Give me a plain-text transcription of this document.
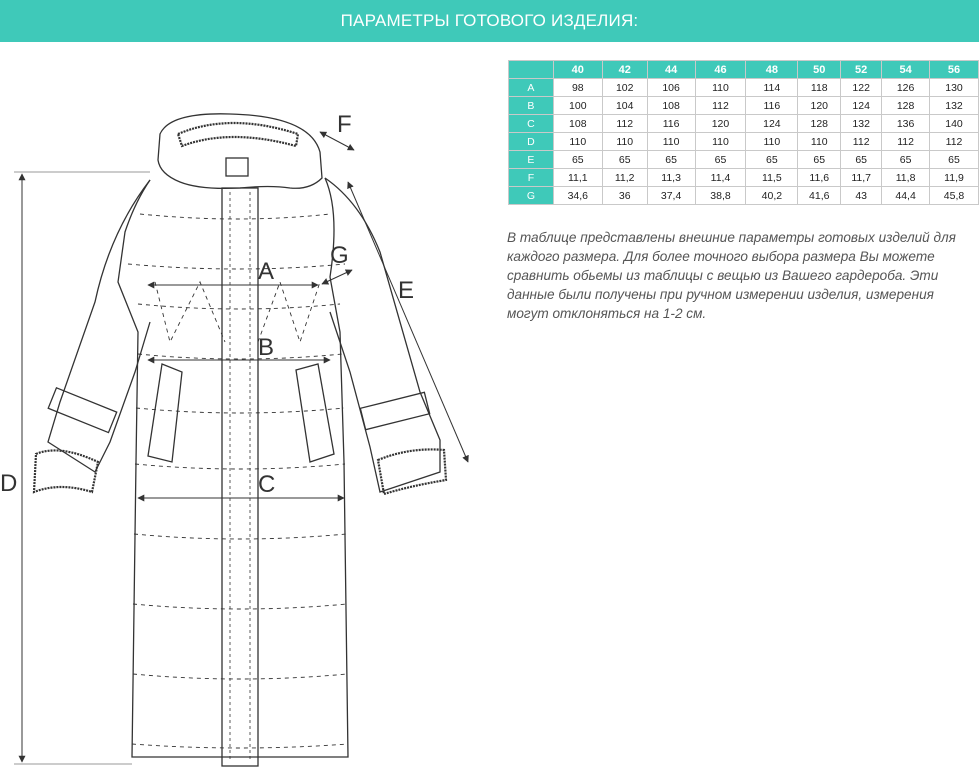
ПАРАМЕТРЫ ГОТОВОГО ИЗДЕЛИЯ:
A
B
C
D
E
F
G
	40	42	44	46	48	50	52	54	56
A	98	102	106	110	114	118	122	126	130
B	100	104	108	112	116	120	124	128	132
C	108	112	116	120	124	128	132	136	140
D	110	110	110	110	110	110	112	112	112
E	65	65	65	65	65	65	65	65	65
F	11,1	11,2	11,3	11,4	11,5	11,6	11,7	11,8	11,9
G	34,6	36	37,4	38,8	40,2	41,6	43	44,4	45,8
В таблице представлены внешние параметры готовых изделий для каждого размера. Для более точного выбора размера Вы можете сравнить обьемы из таблицы с вещью из Вашего гардероба. Эти данные были получены при ручном измерении изделия, измерения могут отклоняться на 1-2 см.
